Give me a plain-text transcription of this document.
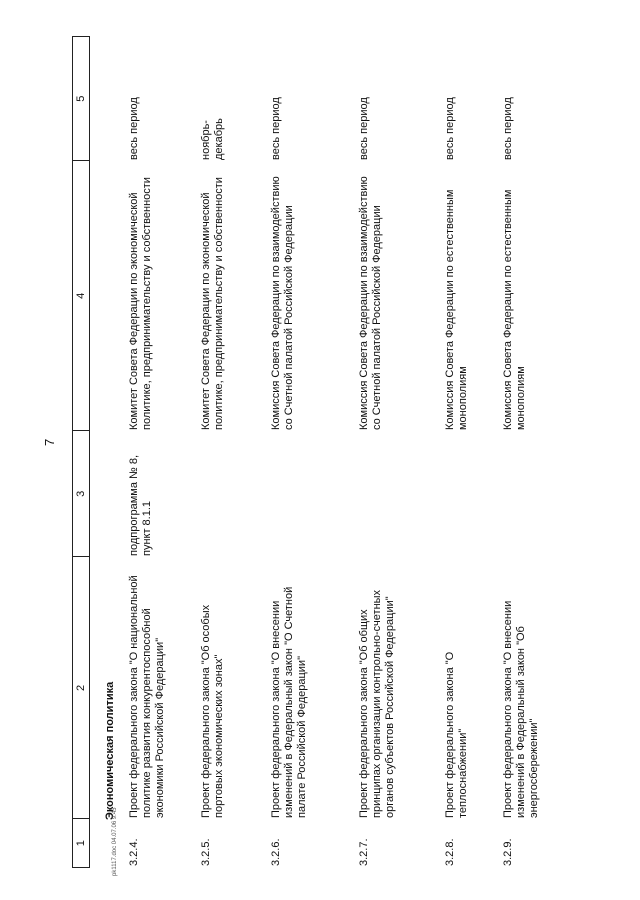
7
1
2
3
4
5
Экономическая политика
3.2.4.
Проект федерального закона "О национальной политике развития конкурентоспособной экономики Российской Федерации"
подпрограмма № 8, пункт 8.1.1
Комитет Совета Федерации по экономической политике, предпринимательству и собственности
весь период
3.2.5.
Проект федерального закона "Об особых портовых экономических зонах"
Комитет Совета Федерации по экономической политике, предпринимательству и собственности
ноябрь-декабрь
3.2.6.
Проект федерального закона "О внесении изменений в Федеральный закон "О Счетной палате Российской Федерации"
Комиссия Совета Федерации по взаимодействию со Счетной палатой Российской Федерации
весь период
3.2.7.
Проект федерального закона "Об общих принципах организации контрольно-счетных органов субъектов Российской Федерации"
Комиссия Совета Федерации по взаимодействию со Счетной палатой Российской Федерации
весь период
3.2.8.
Проект федерального закона "О теплоснабжении"
Комиссия Совета Федерации по естественным монополиям
весь период
3.2.9.
Проект федерального закона "О внесении изменений в Федеральный закон "Об энергосбережении"
Комиссия Совета Федерации по естественным монополиям
весь период
pk1117.doc 04.07.06 9:45
